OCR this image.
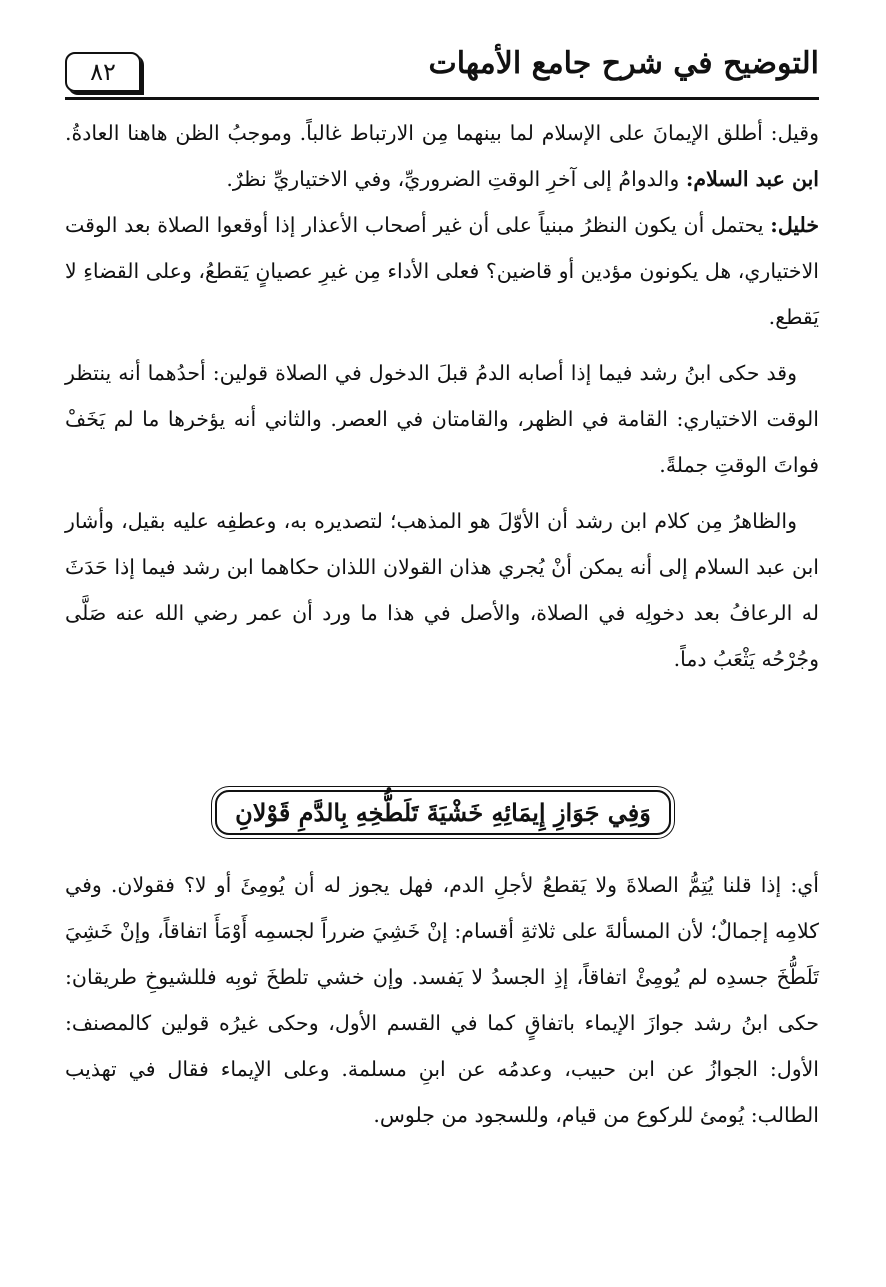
٨٢	التوضيح في شرح جامع الأمهات

وقيل: أطلق الإيمانَ على الإسلام لما بينهما مِن الارتباط غالباً. وموجبُ الظن هاهنا العادةُ. ابن عبد السلام: والدوامُ إلى آخرِ الوقتِ الضروريِّ، وفي الاختياريِّ نظرٌ.

خليل: يحتمل أن يكون النظرُ مبنياً على أن غير أصحاب الأعذار إذا أوقعوا الصلاة بعد الوقت الاختياري، هل يكونون مؤدين أو قاضين؟ فعلى الأداء مِن غيرِ عصيانٍ يَقطعُ، وعلى القضاءِ لا يَقطع.

وقد حكى ابنُ رشد فيما إذا أصابه الدمُ قبلَ الدخول في الصلاة قولين: أحدُهما أنه ينتظر الوقت الاختياري: القامة في الظهر، والقامتان في العصر. والثاني أنه يؤخرها ما لم يَخَفْ فواتَ الوقتِ جملةً.

والظاهرُ مِن كلام ابن رشد أن الأوّلَ هو المذهب؛ لتصديره به، وعطفِه عليه بقيل، وأشار ابن عبد السلام إلى أنه يمكن أنْ يُجري هذان القولان اللذان حكاهما ابن رشد فيما إذا حَدَثَ له الرعافُ بعد دخولِه في الصلاة، والأصل في هذا ما ورد أن عمر رضي الله عنه صَلَّى وجُرْحُه يَثْعَبُ دماً.

وَفِي جَوَازِ إِيمَائِهِ خَشْيَةَ تَلَطُّخِهِ بِالدَّمِ قَوْلانِ

أي: إذا قلنا يُتِمُّ الصلاةَ ولا يَقطعُ لأجلِ الدم، فهل يجوز له أن يُومِئَ أو لا؟ فقولان. وفي كلامِه إجمالٌ؛ لأن المسألةَ على ثلاثةِ أقسام: إنْ خَشِيَ ضرراً لجسمِه أَوْمَأَ اتفاقاً، وإنْ خَشِيَ تَلَطُّخَ جسدِه لم يُومِئْ اتفاقاً، إذِ الجسدُ لا يَفسد. وإن خشي تلطخَ ثوبِه فللشيوخِ طريقان: حكى ابنُ رشد جوازَ الإيماء باتفاقٍ كما في القسم الأول، وحكى غيرُه قولين كالمصنف: الأول: الجوازُ عن ابن حبيب، وعدمُه عن ابنِ مسلمة. وعلى الإيماء فقال في تهذيب الطالب: يُومئ للركوع من قيام، وللسجود من جلوس.
